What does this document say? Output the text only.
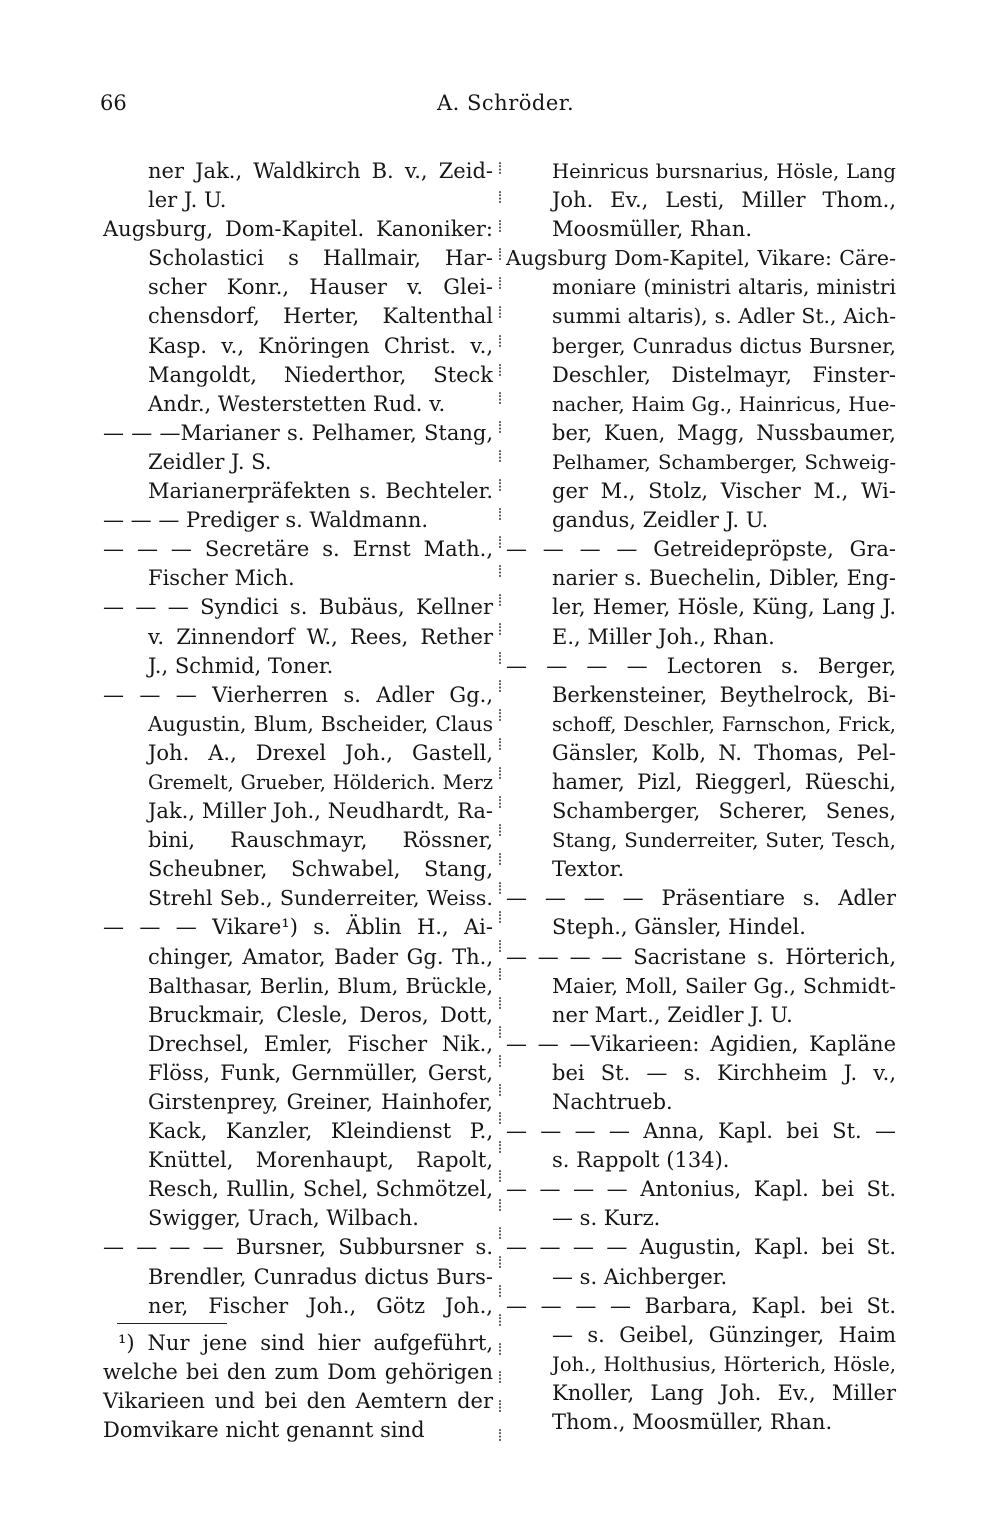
66	A. Schröder.
ner Jak., Waldkirch B. v., Zeid-
ler J. U.
Augsburg, Dom-Kapitel. Kanoniker:
Scholastici s Hallmair, Har-
scher Konr., Hauser v. Glei-
chensdorf, Herter, Kaltenthal
Kasp. v., Knöringen Christ. v.,
Mangoldt, Niederthor, Steck
Andr., Westerstetten Rud. v.
— — —Marianer s. Pelhamer, Stang,
Zeidler J. S.
Marianerpräfekten s. Bechteler.
— — — Prediger s. Waldmann.
— — — Secretäre s. Ernst Math.,
Fischer Mich.
— — — Syndici s. Bubäus, Kellner
v. Zinnendorf W., Rees, Rether
J., Schmid, Toner.
— — — Vierherren s. Adler Gg.,
Augustin, Blum, Bscheider, Claus
Joh. A., Drexel Joh., Gastell,
Gremelt, Grueber, Hölderich. Merz
Jak., Miller Joh., Neudhardt, Ra-
bini, Rauschmayr, Rössner,
Scheubner, Schwabel, Stang,
Strehl Seb., Sunderreiter, Weiss.
— — — Vikare¹) s. Äblin H., Ai-
chinger, Amator, Bader Gg. Th.,
Balthasar, Berlin, Blum, Brückle,
Bruckmair, Clesle, Deros, Dott,
Drechsel, Emler, Fischer Nik.,
Flöss, Funk, Gernmüller, Gerst,
Girstenprey, Greiner, Hainhofer,
Kack, Kanzler, Kleindienst P.,
Knüttel, Morenhaupt, Rapolt,
Resch, Rullin, Schel, Schmötzel,
Swigger, Urach, Wilbach.
— — — — Bursner, Subbursner s.
Brendler, Cunradus dictus Burs-
ner, Fischer Joh., Götz Joh.,
⁞
⁞
⁞
⁞
⁞
⁞
⁞
⁞
⁞
⁞
⁞
⁞
⁞
⁞
⁞
⁞
⁞
⁞
⁞
⁞
⁞
⁞
⁞
⁞
⁞
⁞
⁞
⁞
⁞
⁞
⁞
⁞
⁞
⁞
⁞
⁞
⁞
⁞
⁞
⁞
⁞
⁞
⁞
⁞
⁞
Heinricus bursnarius, Hösle, Lang
Joh. Ev., Lesti, Miller Thom.,
Moosmüller, Rhan.
Augsburg Dom-Kapitel, Vikare: Cäre-
moniare (ministri altaris, ministri
summi altaris), s. Adler St., Aich-
berger, Cunradus dictus Bursner,
Deschler, Distelmayr, Finster-
nacher, Haim Gg., Hainricus, Hue-
ber, Kuen, Magg, Nussbaumer,
Pelhamer, Schamberger, Schweig-
ger M., Stolz, Vischer M., Wi-
gandus, Zeidler J. U.
— — — — Getreidepröpste, Gra-
narier s. Buechelin, Dibler, Eng-
ler, Hemer, Hösle, Küng, Lang J.
E., Miller Joh., Rhan.
— — — — Lectoren s. Berger,
Berkensteiner, Beythelrock, Bi-
schoff, Deschler, Farnschon, Frick,
Gänsler, Kolb, N. Thomas, Pel-
hamer, Pizl, Rieggerl, Rüeschi,
Schamberger, Scherer, Senes,
Stang, Sunderreiter, Suter, Tesch,
Textor.
— — — — Präsentiare s. Adler
Steph., Gänsler, Hindel.
— — — — Sacristane s. Hörterich,
Maier, Moll, Sailer Gg., Schmidt-
ner Mart., Zeidler J. U.
— — —Vikarieen: Agidien, Kapläne
bei St. — s. Kirchheim J. v.,
Nachtrueb.
— — — — Anna, Kapl. bei St. —
s. Rappolt (134).
— — — — Antonius, Kapl. bei St.
— s. Kurz.
— — — — Augustin, Kapl. bei St.
— s. Aichberger.
— — — — Barbara, Kapl. bei St.
— s. Geibel, Günzinger, Haim
Joh., Holthusius, Hörterich, Hösle,
Knoller, Lang Joh. Ev., Miller
Thom., Moosmüller, Rhan.
¹) Nur jene sind hier aufgeführt,
welche bei den zum Dom gehörigen
Vikarieen und bei den Aemtern der
Domvikare nicht genannt sind
